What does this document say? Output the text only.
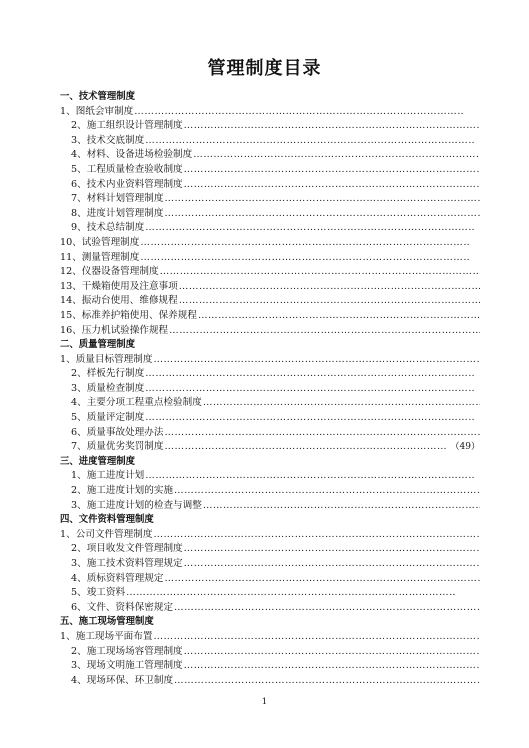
管理制度目录
一、技术管理制度
1、图纸会审制度
……………………………………………………………………………………………………………………………………………………………………
2、施工组织设计管理制度
……………………………………………………………………………………………………………………………………………………………………
3、技术交底制度
……………………………………………………………………………………………………………………………………………………………………
4、材料、设备进场检验制度
……………………………………………………………………………………………………………………………………………………………………
5、工程质量检查验收制度
……………………………………………………………………………………………………………………………………………………………………
6、技术内业资料管理制度
……………………………………………………………………………………………………………………………………………………………………
7、材料计划管理制度
……………………………………………………………………………………………………………………………………………………………………
8、进度计划管理制度
……………………………………………………………………………………………………………………………………………………………………
9、技术总结制度
……………………………………………………………………………………………………………………………………………………………………
10、试验管理制度
……………………………………………………………………………………………………………………………………………………………………
11、测量管理制度
……………………………………………………………………………………………………………………………………………………………………
12、仪器设备管理制度
……………………………………………………………………………………………………………………………………………………………………
13、干燥箱使用及注意事项
……………………………………………………………………………………………………………………………………………………………………
14、振动台使用、维修规程
……………………………………………………………………………………………………………………………………………………………………
15、标准养护箱使用、保养规程
……………………………………………………………………………………………………………………………………………………………………
16、压力机试验操作规程
……………………………………………………………………………………………………………………………………………………………………
二、质量管理制度
1、质量目标管理制度
……………………………………………………………………………………………………………………………………………………………………
2、样板先行制度
……………………………………………………………………………………………………………………………………………………………………
3、质量检查制度
……………………………………………………………………………………………………………………………………………………………………
4、主要分项工程重点检验制度
……………………………………………………………………………………………………………………………………………………………………
5、质量评定制度
……………………………………………………………………………………………………………………………………………………………………
6、质量事故处理办法
……………………………………………………………………………………………………………………………………………………………………
7、质量优劣奖罚制度
……………………………………………………………………………………………………………………………………………………………………	（49）
三、进度管理制度
1、施工进度计划
……………………………………………………………………………………………………………………………………………………………………
2、施工进度计划的实施
……………………………………………………………………………………………………………………………………………………………………
3、施工进度计划的检查与调整
……………………………………………………………………………………………………………………………………………………………………
四、文件资料管理制度
1、公司文件管理制度
……………………………………………………………………………………………………………………………………………………………………
2、项目收发文件管理制度
……………………………………………………………………………………………………………………………………………………………………
3、施工技术资料管理规定
……………………………………………………………………………………………………………………………………………………………………
4、质标资料管理规定
……………………………………………………………………………………………………………………………………………………………………
5、竣工资料
……………………………………………………………………………………………………………………………………………………………………
6、文件、资料保密规定
……………………………………………………………………………………………………………………………………………………………………
五、施工现场管理制度
1、施工现场平面布置
……………………………………………………………………………………………………………………………………………………………………
2、施工现场场容管理制度
……………………………………………………………………………………………………………………………………………………………………
3、现场文明施工管理制度
……………………………………………………………………………………………………………………………………………………………………
4、现场环保、环卫制度
……………………………………………………………………………………………………………………………………………………………………
1
